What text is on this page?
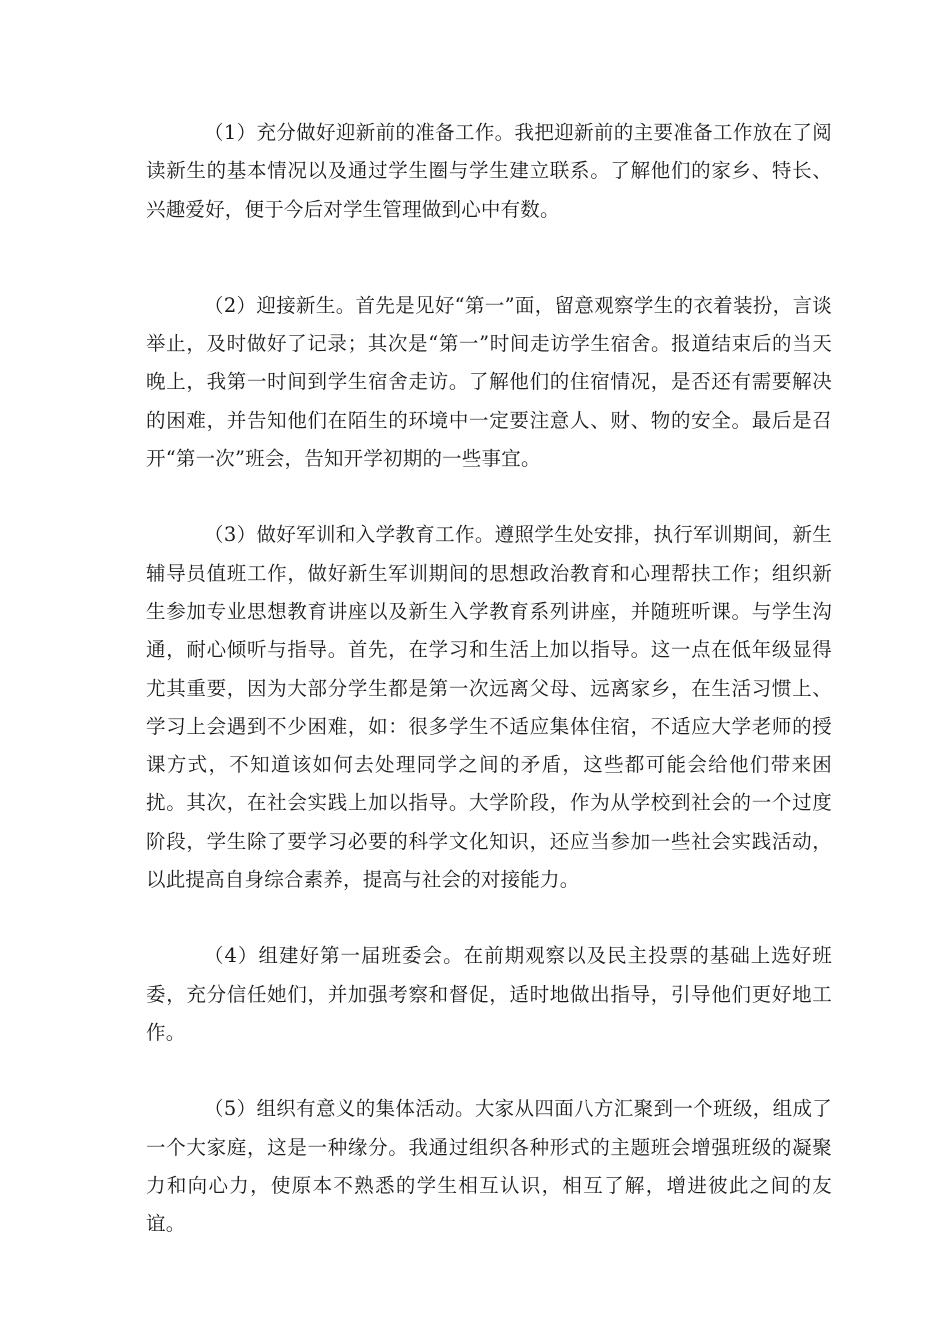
（1）充分做好迎新前的准备工作。我把迎新前的主要准备工作放在了阅读新生的基本情况以及通过学生圈与学生建立联系。了解他们的家乡、特长、兴趣爱好，便于今后对学生管理做到心中有数。

（2）迎接新生。首先是见好“第一”面，留意观察学生的衣着装扮，言谈举止，及时做好了记录；其次是“第一”时间走访学生宿舍。报道结束后的当天晚上，我第一时间到学生宿舍走访。了解他们的住宿情况，是否还有需要解决的困难，并告知他们在陌生的环境中一定要注意人、财、物的安全。最后是召开“第一次”班会，告知开学初期的一些事宜。

（3）做好军训和入学教育工作。遵照学生处安排，执行军训期间，新生辅导员值班工作，做好新生军训期间的思想政治教育和心理帮扶工作；组织新生参加专业思想教育讲座以及新生入学教育系列讲座，并随班听课。与学生沟通，耐心倾听与指导。首先，在学习和生活上加以指导。这一点在低年级显得尤其重要，因为大部分学生都是第一次远离父母、远离家乡，在生活习惯上、学习上会遇到不少困难，如：很多学生不适应集体住宿，不适应大学老师的授课方式，不知道该如何去处理同学之间的矛盾，这些都可能会给他们带来困扰。其次，在社会实践上加以指导。大学阶段，作为从学校到社会的一个过度阶段，学生除了要学习必要的科学文化知识，还应当参加一些社会实践活动，以此提高自身综合素养，提高与社会的对接能力。

（4）组建好第一届班委会。在前期观察以及民主投票的基础上选好班委，充分信任她们，并加强考察和督促，适时地做出指导，引导他们更好地工作。

（5）组织有意义的集体活动。大家从四面八方汇聚到一个班级，组成了一个大家庭，这是一种缘分。我通过组织各种形式的主题班会增强班级的凝聚力和向心力，使原本不熟悉的学生相互认识，相互了解，增进彼此之间的友谊。
